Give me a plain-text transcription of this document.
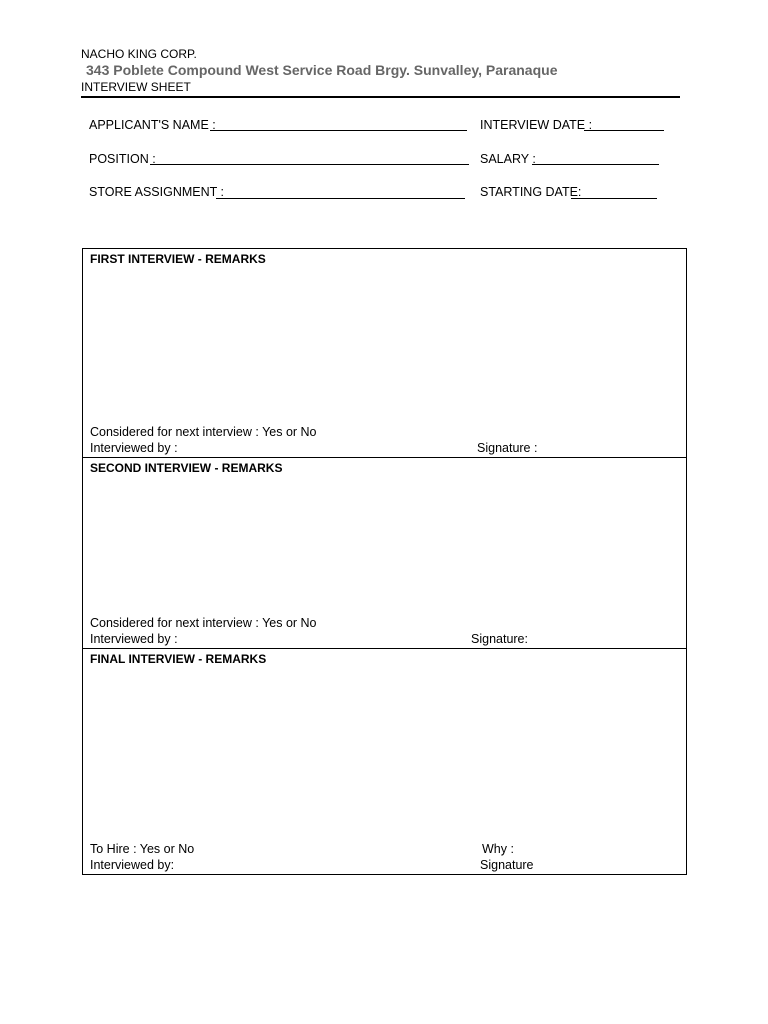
NACHO KING CORP.
343 Poblete Compound West Service Road Brgy. Sunvalley, Paranaque
INTERVIEW SHEET
APPLICANT'S NAME :	INTERVIEW DATE :
POSITION :	SALARY :
STORE ASSIGNMENT :	STARTING DATE:
FIRST INTERVIEW - REMARKS
Considered for next interview : Yes or No
Interviewed by :	Signature :
SECOND INTERVIEW - REMARKS
Considered for next interview : Yes or No
Interviewed by :	Signature:
FINAL INTERVIEW - REMARKS
To Hire : Yes or No	Why :
Interviewed by:	Signature
